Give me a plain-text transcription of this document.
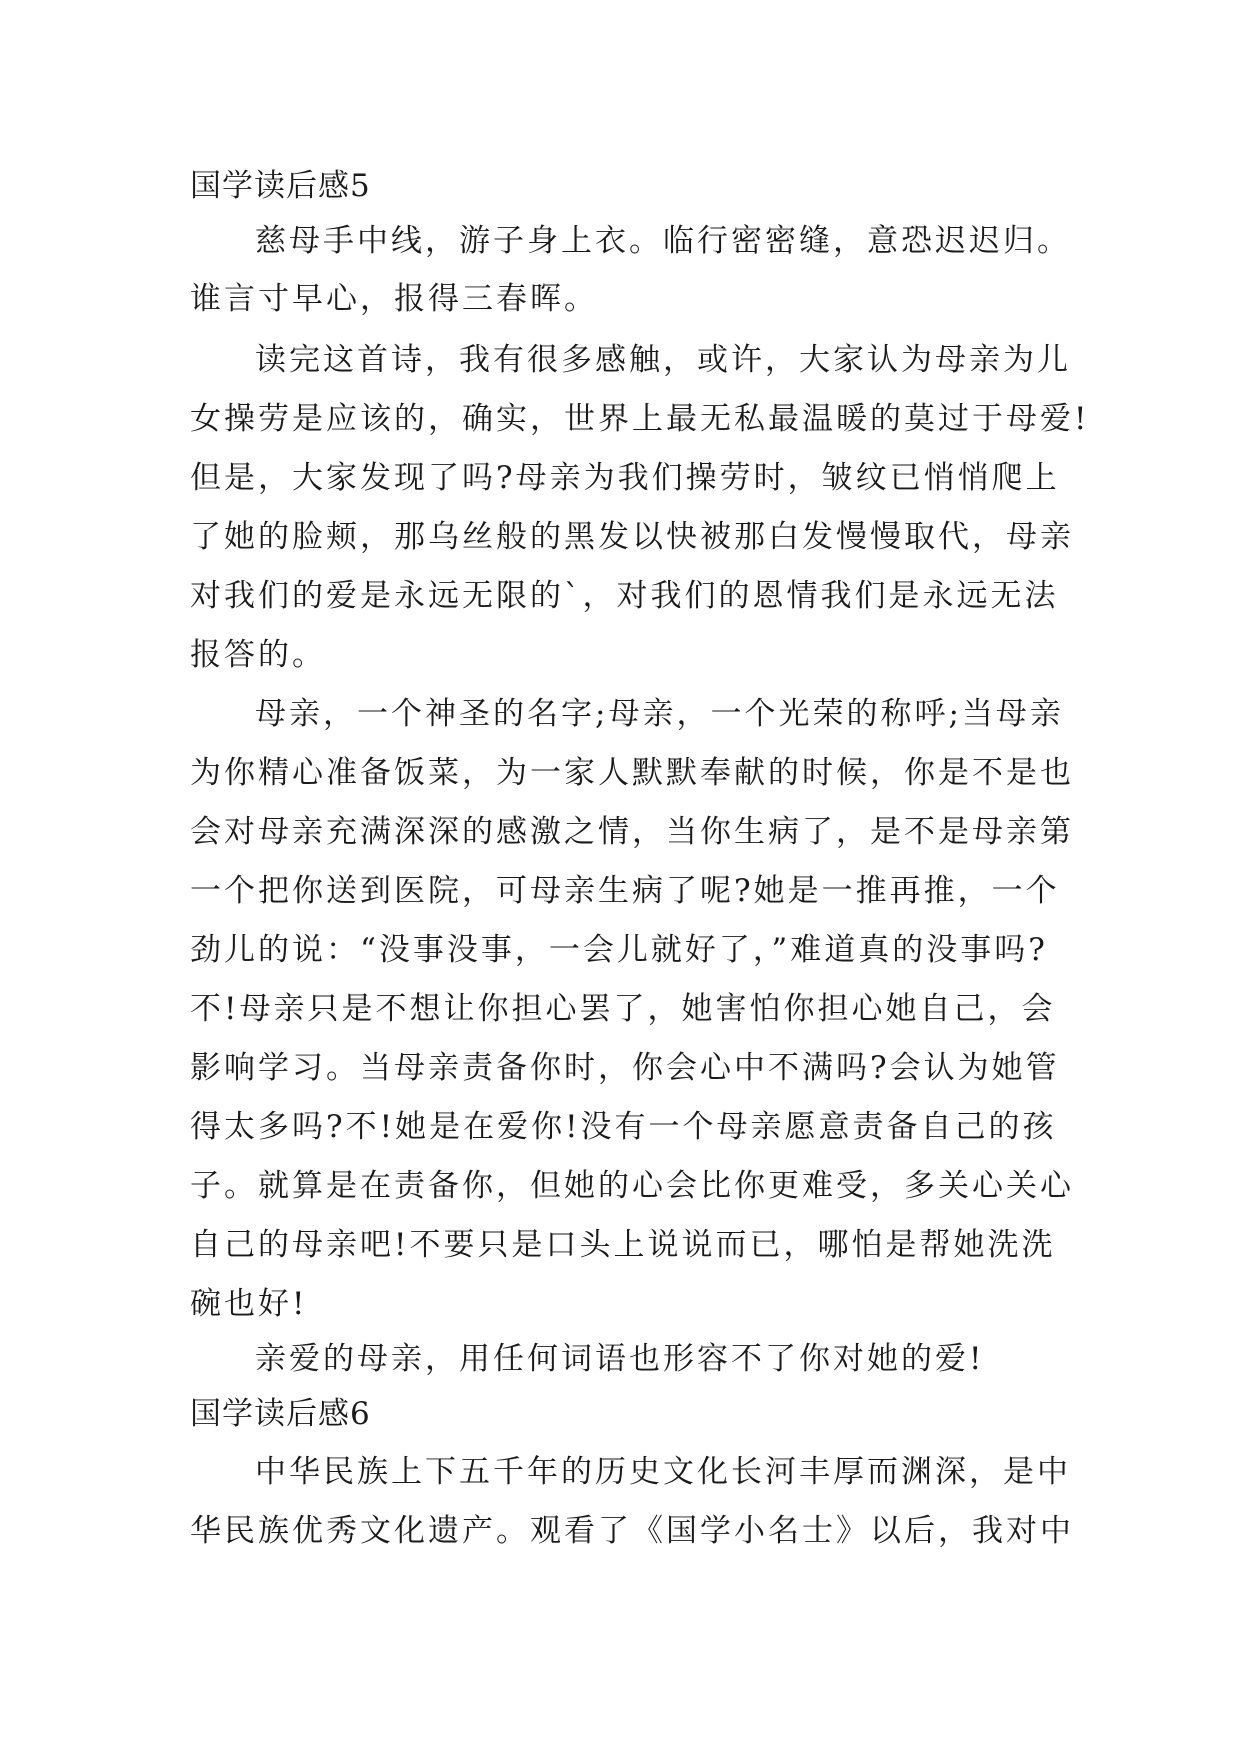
国学读后感5
慈母手中线，游子身上衣。临行密密缝，意恐迟迟归。
谁言寸早心，报得三春晖。
读完这首诗，我有很多感触，或许，大家认为母亲为儿
女操劳是应该的，确实，世界上最无私最温暖的莫过于母爱!
但是，大家发现了吗?母亲为我们操劳时，皱纹已悄悄爬上
了她的脸颊，那乌丝般的黑发以快被那白发慢慢取代，母亲
对我们的爱是永远无限的`，对我们的恩情我们是永远无法
报答的。
母亲，一个神圣的名字;母亲，一个光荣的称呼;当母亲
为你精心准备饭菜，为一家人默默奉献的时候，你是不是也
会对母亲充满深深的感激之情，当你生病了，是不是母亲第
一个把你送到医院，可母亲生病了呢?她是一推再推，一个
劲儿的说：“没事没事，一会儿就好了，”难道真的没事吗?
不!母亲只是不想让你担心罢了，她害怕你担心她自己，会
影响学习。当母亲责备你时，你会心中不满吗?会认为她管
得太多吗?不!她是在爱你!没有一个母亲愿意责备自己的孩
子。就算是在责备你，但她的心会比你更难受，多关心关心
自己的母亲吧!不要只是口头上说说而已，哪怕是帮她洗洗
碗也好!
亲爱的母亲，用任何词语也形容不了你对她的爱!
国学读后感6
中华民族上下五千年的历史文化长河丰厚而渊深，是中
华民族优秀文化遗产。观看了《国学小名士》以后，我对中
